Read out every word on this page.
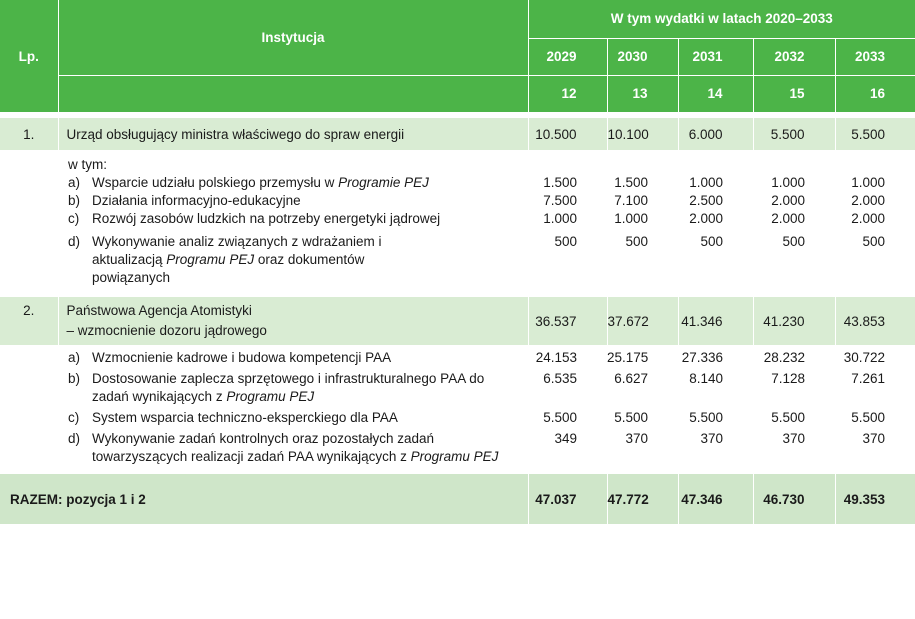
Lp.	Instytucja	W tym wydatki w latach 2020–2033				
		2029	2030	2031	2032	2033
		12	13	14	15	16

1.	Urząd obsługujący ministra właściwego do spraw energii	10.500	10.100	6.000	5.500	5.500

	w tym:					

	a) Wsparcie udziału polskiego przemysłu w Programie PEJ	1.500	1.500	1.000	1.000	1.000

	b) Działania informacyjno-edukacyjne	7.500	7.100	2.500	2.000	2.000

	c) Rozwój zasobów ludzkich na potrzeby energetyki jądrowej	1.000	1.000	2.000	2.000	2.000

	d) Wykonywanie analiz związanych z wdrażaniem i aktualizacją Programu PEJ oraz dokumentów powiązanych	500	500	500	500	500

2.	Państwowa Agencja Atomistyki
– wzmocnienie dozoru jądrowego	36.537	37.672	41.346	41.230	43.853

	a) Wzmocnienie kadrowe i budowa kompetencji PAA	24.153	25.175	27.336	28.232	30.722

	b) Dostosowanie zaplecza sprzętowego i infrastrukturalnego PAA do zadań wynikających z Programu PEJ	6.535	6.627	8.140	7.128	7.261

	c) System wsparcia techniczno-eksperckiego dla PAA	5.500	5.500	5.500	5.500	5.500

	d) Wykonywanie zadań kontrolnych oraz pozostałych zadań towarzyszących realizacji zadań PAA wynikających z Programu PEJ	349	370	370	370	370

RAZEM: pozycja 1 i 2		47.037	47.772	47.346	46.730	49.353
